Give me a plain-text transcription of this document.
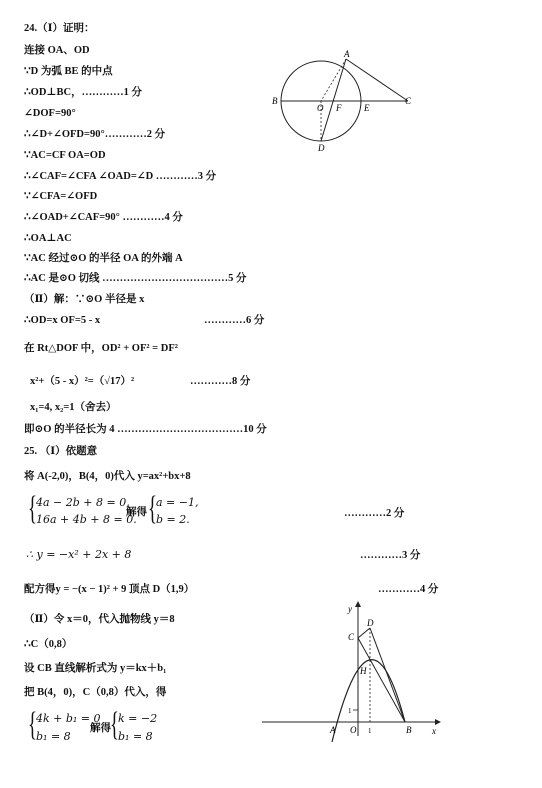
24.（Ⅰ）证明：
连接 OA、OD
∵D 为弧 BE 的中点
∴OD⊥BC，…………1 分
∠DOF=90°
∴∠D+∠OFD=90°…………2 分
∵AC=CF OA=OD
∴∠CAF=∠CFA ∠OAD=∠D …………3 分
∵∠CFA=∠OFD
∴∠OAD+∠CAF=90° …………4 分
∴OA⊥AC
∵AC 经过⊙O 的半径 OA 的外端 A
∴AC 是⊙O 切线 ………………………………5 分
（Ⅱ）解：∵⊙O 半径是 x
∴OD=x OF=5 - x	…………6 分
在 Rt△DOF 中，OD² + OF² = DF²
x²+（5 - x）²=（√17）²	…………8 分
x₁=4, x₂=1（舍去）
即⊙O 的半径长为 4 ………………………………10 分
A
B
O F	E
C
D
25. （Ⅰ）依题意
将 A(-2,0)，B(4，0)代入 y=ax²+bx+8
{ 4a − 2b + 8 = 0,
16a + 4b + 8 = 0.
解得 { a = −1,
b = 2.	…………2 分
∴ y = −x² + 2x + 8	…………3 分
配方得y = −(x − 1)² + 9 顶点 D（1,9）	…………4 分
（Ⅱ）令 x＝0，代入抛物线 y＝8
∴C（0,8）
设 CB 直线解析式为 y＝kx＋b₁
把 B(4，0)，C（0,8）代入，得
{ 4k + b₁ = 0
b₁ = 8
解得 { k = −2
b₁ = 8
y
x
C
D
H
A O 1
1
B
